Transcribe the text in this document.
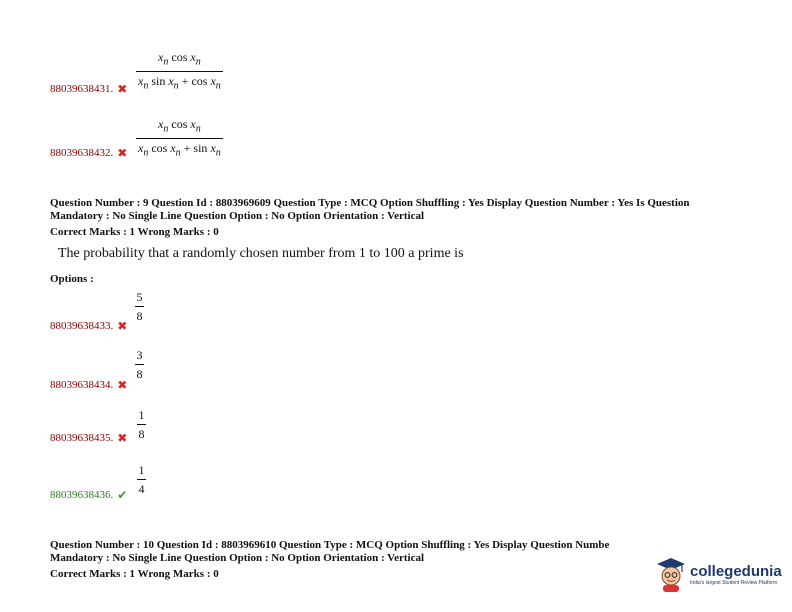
$x_n$ $\cos x_n$
$x_n$ $\sin x_n + \cos x_n$
88039638431. ✖
$x_n$ $\cos x_n$
$x_n$ $\cos x_n + \sin x_n$
88039638432. ✖
Question Number : 9 Question Id : 8803969609 Question Type : MCQ Option Shuffling : Yes Display Question Number : Yes Is Question
Mandatory : No Single Line Question Option : No Option Orientation : Vertical
Correct Marks : 1 Wrong Marks : 0
The probability that a randomly chosen number from 1 to 100 a prime is
Options :
5
8
88039638433. ✖
3
8
88039638434. ✖
1
8
88039638435. ✖
1
4
88039638436. ✔
Question Number : 10 Question Id : 8803969610 Question Type : MCQ Option Shuffling : Yes Display Question Numbe
Mandatory : No Single Line Question Option : No Option Orientation : Vertical
Correct Marks : 1 Wrong Marks : 0	collegedunia
India's largest Student Review Platform
